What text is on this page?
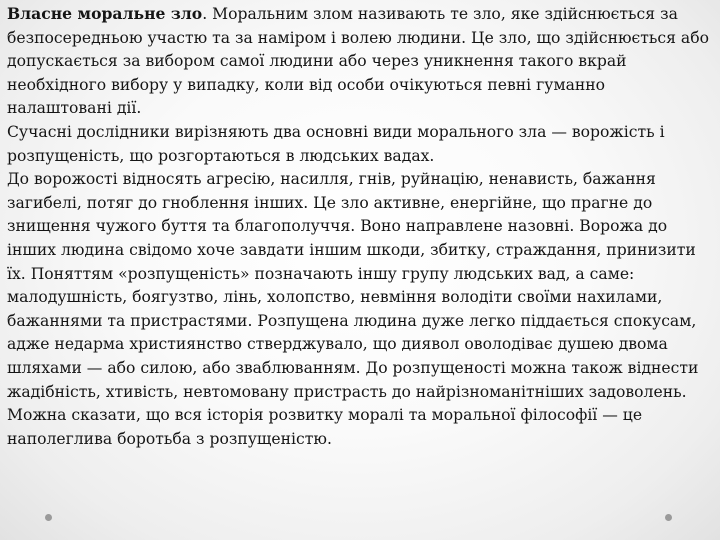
Власне моральне зло. Моральним злом називають те зло, яке здійснюється за безпосередньою участю та за наміром і волею людини. Це зло, що здійснюється або допускається за вибором самої людини або через уникнення такого вкрай необхідного вибору у випадку, коли від особи очікуються певні гуманно налаштовані дії.

Сучасні дослідники вирізняють два основні види морального зла — ворожість і розпущеність, що розгортаються в людських вадах.

До ворожості відносять агресію, насилля, гнів, руйнацію, ненависть, бажання загибелі, потяг до гноблення інших. Це зло активне, енергійне, що прагне до знищення чужого буття та благополуччя. Воно направлене назовні. Ворожа до інших людина свідомо хоче завдати іншим шкоди, збитку, страждання, принизити їх. Поняттям «розпущеність» позначають іншу групу людських вад, а саме: малодушність, боягузтво, лінь, холопство, невміння володіти своїми нахилами, бажаннями та пристрастями. Розпущена людина дуже легко піддається спокусам, адже недарма християнство стверджувало, що диявол оволодіває душею двома шляхами — або силою, або зваблюванням. До розпущеності можна також віднести жадібність, хтивість, невтомовану пристрасть до найрізноманітніших задоволень. Можна сказати, що вся історія розвитку моралі та моральної філософії — це наполеглива боротьба з розпущеністю.
